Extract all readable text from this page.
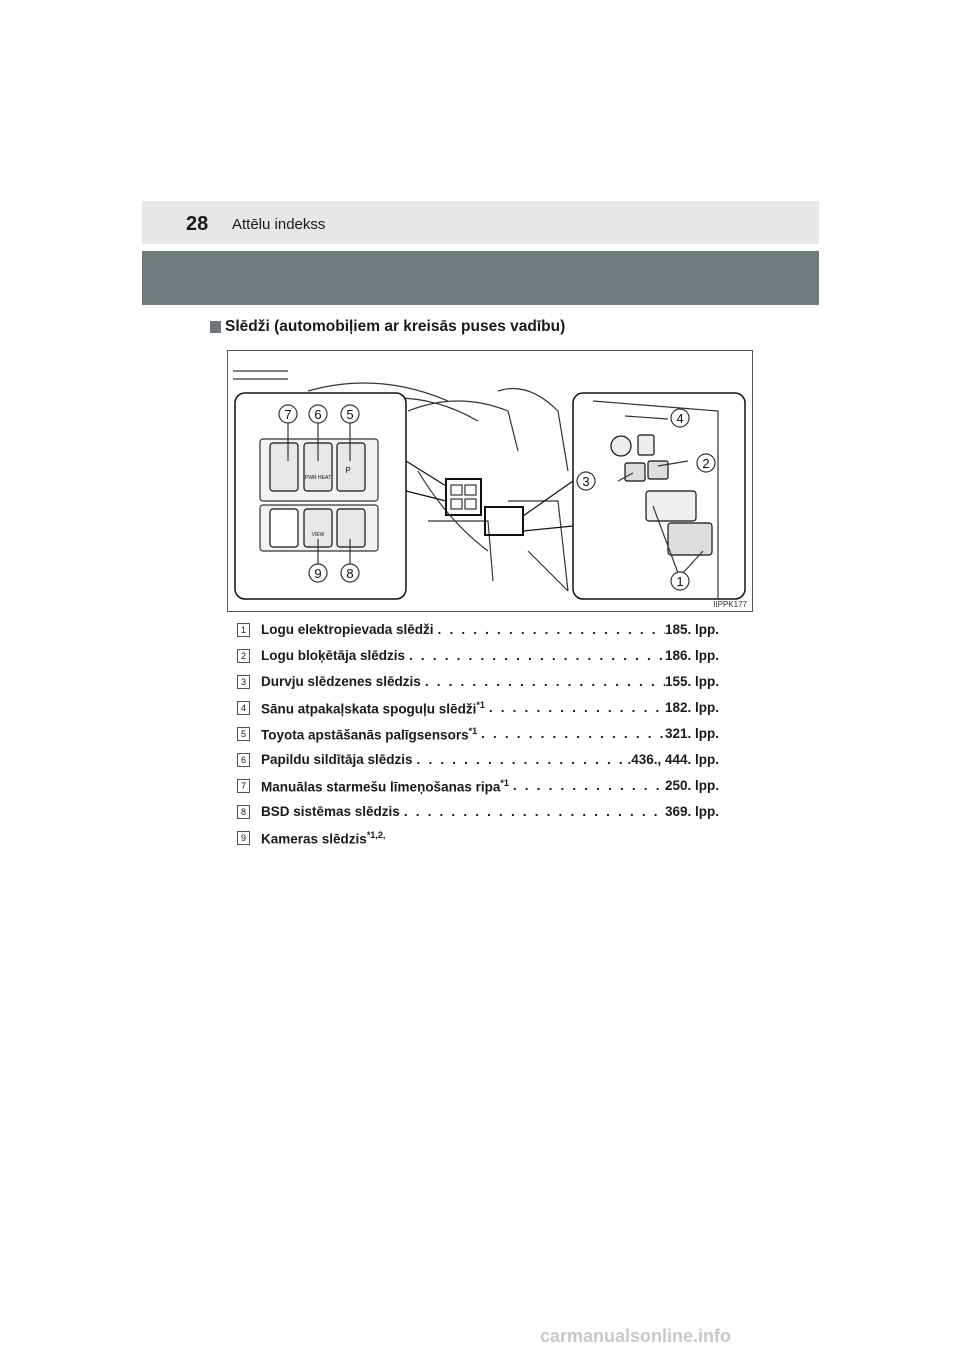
28 Attēlu indekss
Slēdži (automobiļiem ar kreisās puses vadību)
7 6 5
9 8
4
2
3
1
PWR HEAT
VIEW
P
IIPPK177
1 Logu elektropievada slēdži . . .	185. lpp.
2 Logu bloķētāja slēdzis . . .	186. lpp.
3 Durvju slēdzenes slēdzis . . .	155. lpp.
4 Sānu atpakaļskata spoguļu slēdži$^{*1}$ . . .	182. lpp.
5 Toyota apstāšanās palīgsensors$^{*1}$ . . .	321. lpp.
6 Papildu sildītāja slēdzis . . .	.436., 444. lpp.
7 Manuālas starmešu līmeņošanas ripa$^{*1}$ . . .	250. lpp.
8 BSD sistēmas slēdzis . . .	369. lpp.
9 Kameras slēdzis$^{*1,2,}$
carmanualsonline.info
